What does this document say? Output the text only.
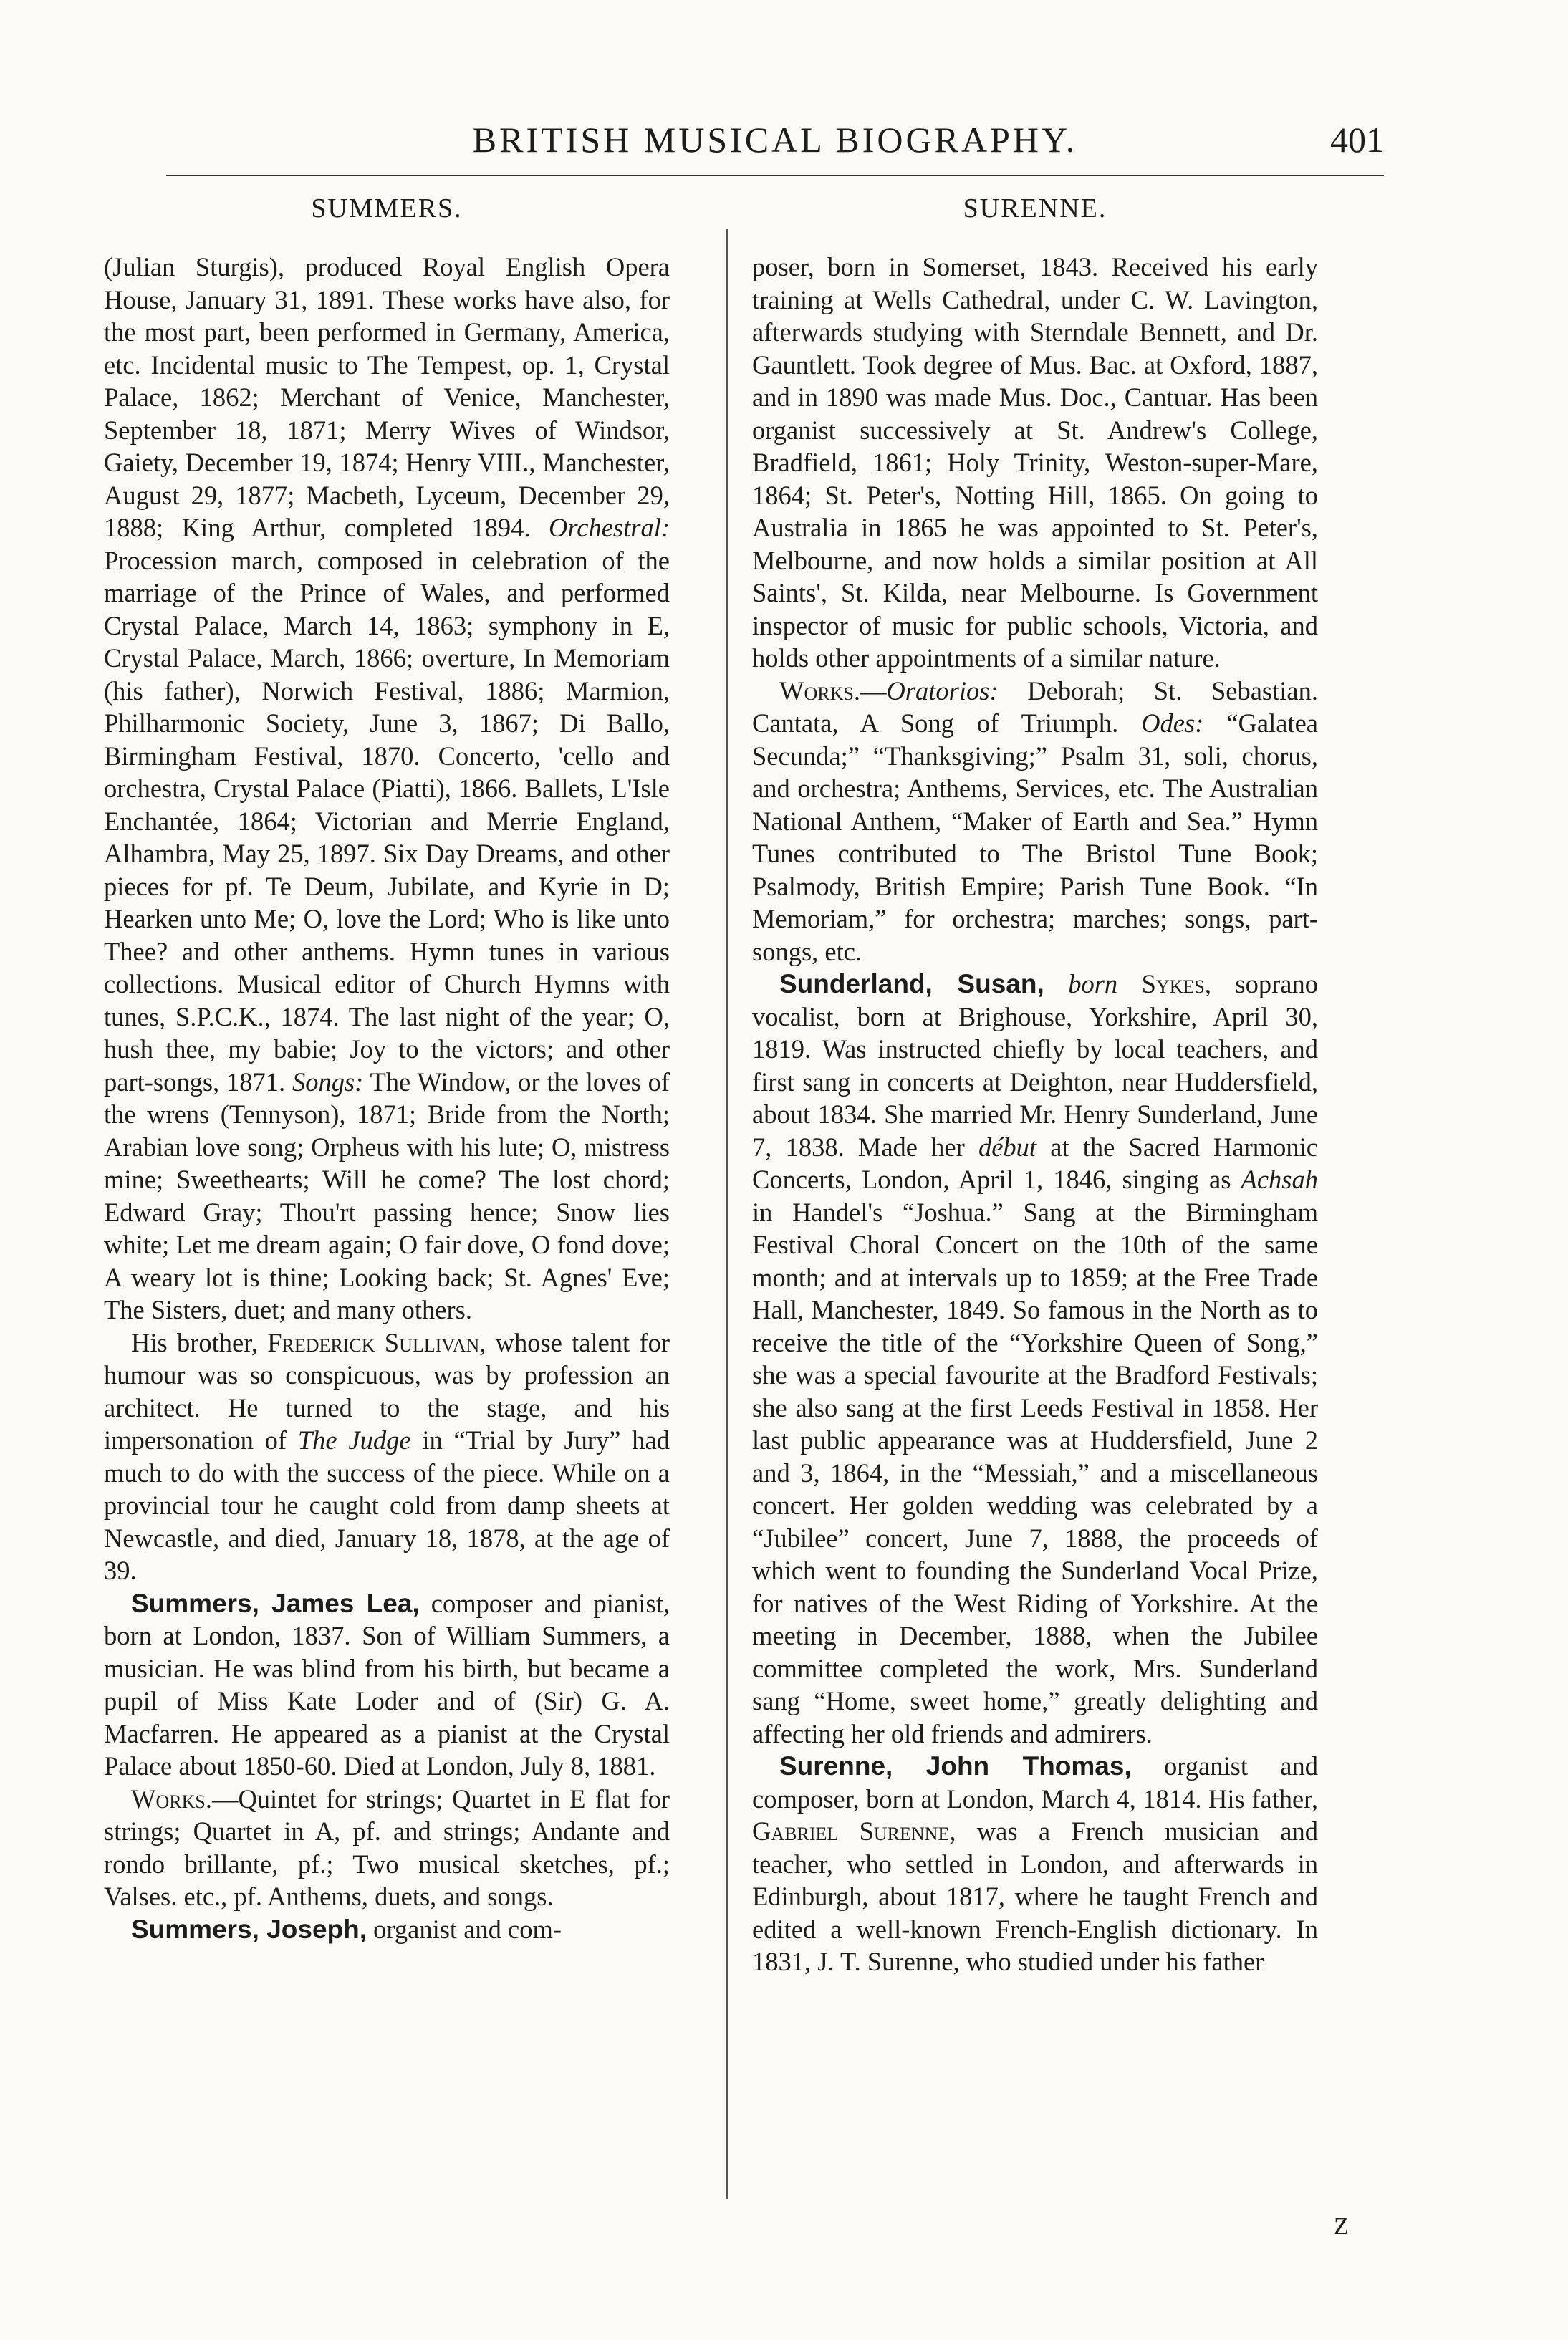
BRITISH MUSICAL BIOGRAPHY.	401
SUMMERS.

(Julian Sturgis), produced Royal English Opera House, January 31, 1891. These works have also, for the most part, been performed in Germany, America, etc. Incidental music to The Tempest, op. 1, Crystal Palace, 1862; Merchant of Venice, Manchester, September 18, 1871; Merry Wives of Windsor, Gaiety, December 19, 1874; Henry VIII., Manchester, August 29, 1877; Macbeth, Lyceum, December 29, 1888; King Arthur, completed 1894. Orchestral: Procession march, composed in celebration of the marriage of the Prince of Wales, and performed Crystal Palace, March 14, 1863; symphony in E, Crystal Palace, March, 1866; overture, In Memoriam (his father), Norwich Festival, 1886; Marmion, Philharmonic Society, June 3, 1867; Di Ballo, Birmingham Festival, 1870. Concerto, 'cello and orchestra, Crystal Palace (Piatti), 1866. Ballets, L'Isle Enchantée, 1864; Victorian and Merrie England, Alhambra, May 25, 1897. Six Day Dreams, and other pieces for pf. Te Deum, Jubilate, and Kyrie in D; Hearken unto Me; O, love the Lord; Who is like unto Thee? and other anthems. Hymn tunes in various collections. Musical editor of Church Hymns with tunes, S.P.C.K., 1874. The last night of the year; O, hush thee, my babie; Joy to the victors; and other part-songs, 1871. Songs: The Window, or the loves of the wrens (Tennyson), 1871; Bride from the North; Arabian love song; Orpheus with his lute; O, mistress mine; Sweethearts; Will he come? The lost chord; Edward Gray; Thou'rt passing hence; Snow lies white; Let me dream again; O fair dove, O fond dove; A weary lot is thine; Looking back; St. Agnes' Eve; The Sisters, duet; and many others.

His brother, Frederick Sullivan, whose talent for humour was so conspicuous, was by profession an architect. He turned to the stage, and his impersonation of The Judge in “Trial by Jury” had much to do with the success of the piece. While on a provincial tour he caught cold from damp sheets at Newcastle, and died, January 18, 1878, at the age of 39.

Summers, James Lea, composer and pianist, born at London, 1837. Son of William Summers, a musician. He was blind from his birth, but became a pupil of Miss Kate Loder and of (Sir) G. A. Macfarren. He appeared as a pianist at the Crystal Palace about 1850-60. Died at London, July 8, 1881.

Works.—Quintet for strings; Quartet in E flat for strings; Quartet in A, pf. and strings; Andante and rondo brillante, pf.; Two musical sketches, pf.; Valses. etc., pf. Anthems, duets, and songs.

Summers, Joseph, organist and com-

SURENNE.

poser, born in Somerset, 1843. Received his early training at Wells Cathedral, under C. W. Lavington, afterwards studying with Sterndale Bennett, and Dr. Gauntlett. Took degree of Mus. Bac. at Oxford, 1887, and in 1890 was made Mus. Doc., Cantuar. Has been organist successively at St. Andrew's College, Bradfield, 1861; Holy Trinity, Weston-super-Mare, 1864; St. Peter's, Notting Hill, 1865. On going to Australia in 1865 he was appointed to St. Peter's, Melbourne, and now holds a similar position at All Saints', St. Kilda, near Melbourne. Is Government inspector of music for public schools, Victoria, and holds other appointments of a similar nature.

Works.—Oratorios: Deborah; St. Sebastian. Cantata, A Song of Triumph. Odes: “Galatea Secunda;” “Thanksgiving;” Psalm 31, soli, chorus, and orchestra; Anthems, Services, etc. The Australian National Anthem, “Maker of Earth and Sea.” Hymn Tunes contributed to The Bristol Tune Book; Psalmody, British Empire; Parish Tune Book. “In Memoriam,” for orchestra; marches; songs, part-songs, etc.

Sunderland, Susan, born Sykes, soprano vocalist, born at Brighouse, Yorkshire, April 30, 1819. Was instructed chiefly by local teachers, and first sang in concerts at Deighton, near Huddersfield, about 1834. She married Mr. Henry Sunderland, June 7, 1838. Made her début at the Sacred Harmonic Concerts, London, April 1, 1846, singing as Achsah in Handel's “Joshua.” Sang at the Birmingham Festival Choral Concert on the 10th of the same month; and at intervals up to 1859; at the Free Trade Hall, Manchester, 1849. So famous in the North as to receive the title of the “Yorkshire Queen of Song,” she was a special favourite at the Bradford Festivals; she also sang at the first Leeds Festival in 1858. Her last public appearance was at Huddersfield, June 2 and 3, 1864, in the “Messiah,” and a miscellaneous concert. Her golden wedding was celebrated by a “Jubilee” concert, June 7, 1888, the proceeds of which went to founding the Sunderland Vocal Prize, for natives of the West Riding of Yorkshire. At the meeting in December, 1888, when the Jubilee committee completed the work, Mrs. Sunderland sang “Home, sweet home,” greatly delighting and affecting her old friends and admirers.

Surenne, John Thomas, organist and composer, born at London, March 4, 1814. His father, Gabriel Surenne, was a French musician and teacher, who settled in London, and afterwards in Edinburgh, about 1817, where he taught French and edited a well-known French-English dictionary. In 1831, J. T. Surenne, who studied under his father

Z
